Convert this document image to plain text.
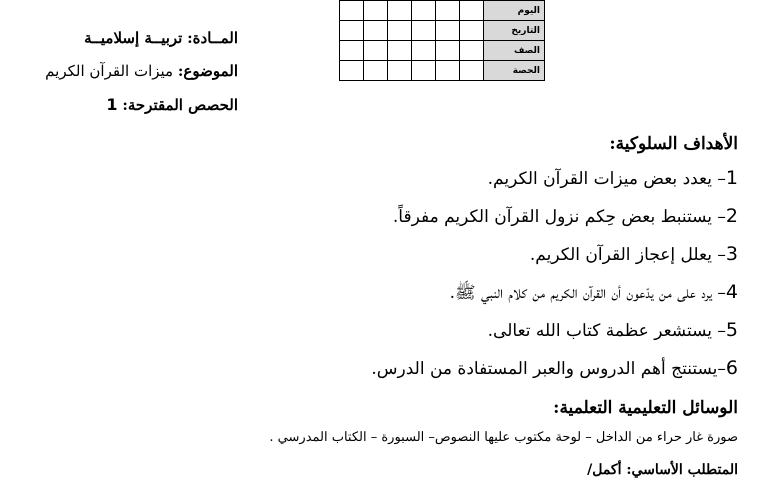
اليوم						
التاريخ						
الصف						
الحصة						
المــادة: تربيــة إسلاميــة
الموضوع: ميزات القرآن الكريم
الحصص المقترحة: 1
الأهداف السلوكية:
1– يعدد بعض ميزات القرآن الكريم.
2– يستنبط بعض حِكم نزول القرآن الكريم مفرقاً.
3– يعلل إعجاز القرآن الكريم.
4– يرد على من يدّعون أن القرآن الكريم من كلام النبي ﷺ.
5– يستشعر عظمة كتاب الله تعالى.
6–يستنتج أهم الدروس والعبر المستفادة من الدرس.
الوسائل التعليمية التعلمية:
صورة غار حراء من الداخل – لوحة مكتوب عليها النصوص– السبورة – الكتاب المدرسي .
المتطلب الأساسي: أكمل/
